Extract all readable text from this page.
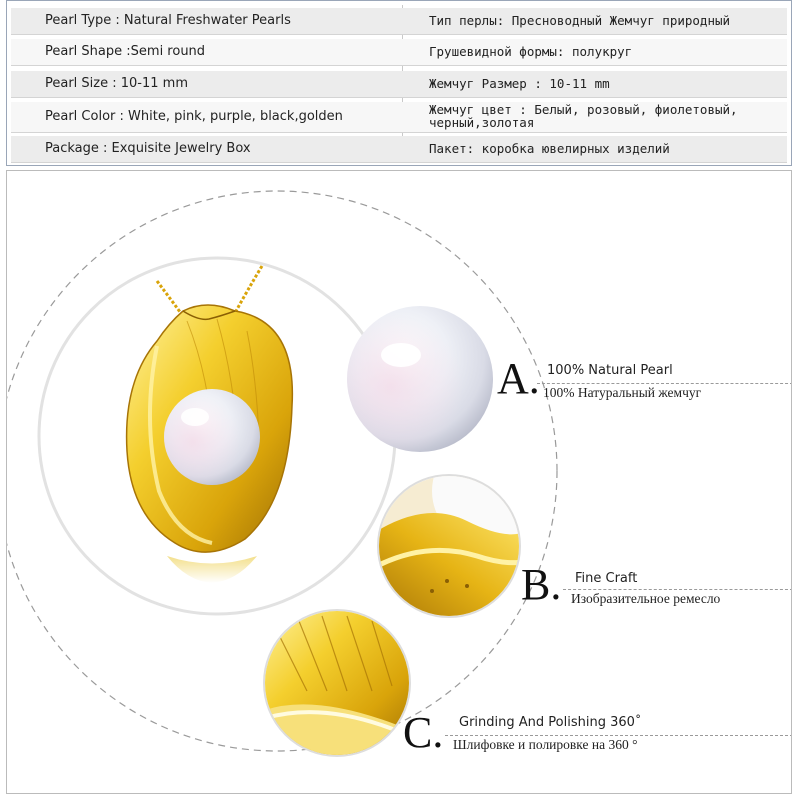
Pearl Type : Natural Freshwater Pearls	Тип перлы: Пресноводный Жемчуг природный
Pearl Shape :Semi round	Грушевидной формы: полукруг
Pearl Size : 10-11 mm	Жемчуг Размер : 10-11 mm
Pearl Color : White, pink, purple, black,golden	Жемчуг цвет : Белый, розовый, фиолетовый,
черный,золотая
Package : Exquisite Jewelry Box	Пакет: коробка ювелирных изделий
A. 100% Natural Pearl
100% Натуральный жемчуг
B. Fine Craft
Изобразительное ремесло
C. Grinding And Polishing 360˚
Шлифовке и полировке на 360 °
